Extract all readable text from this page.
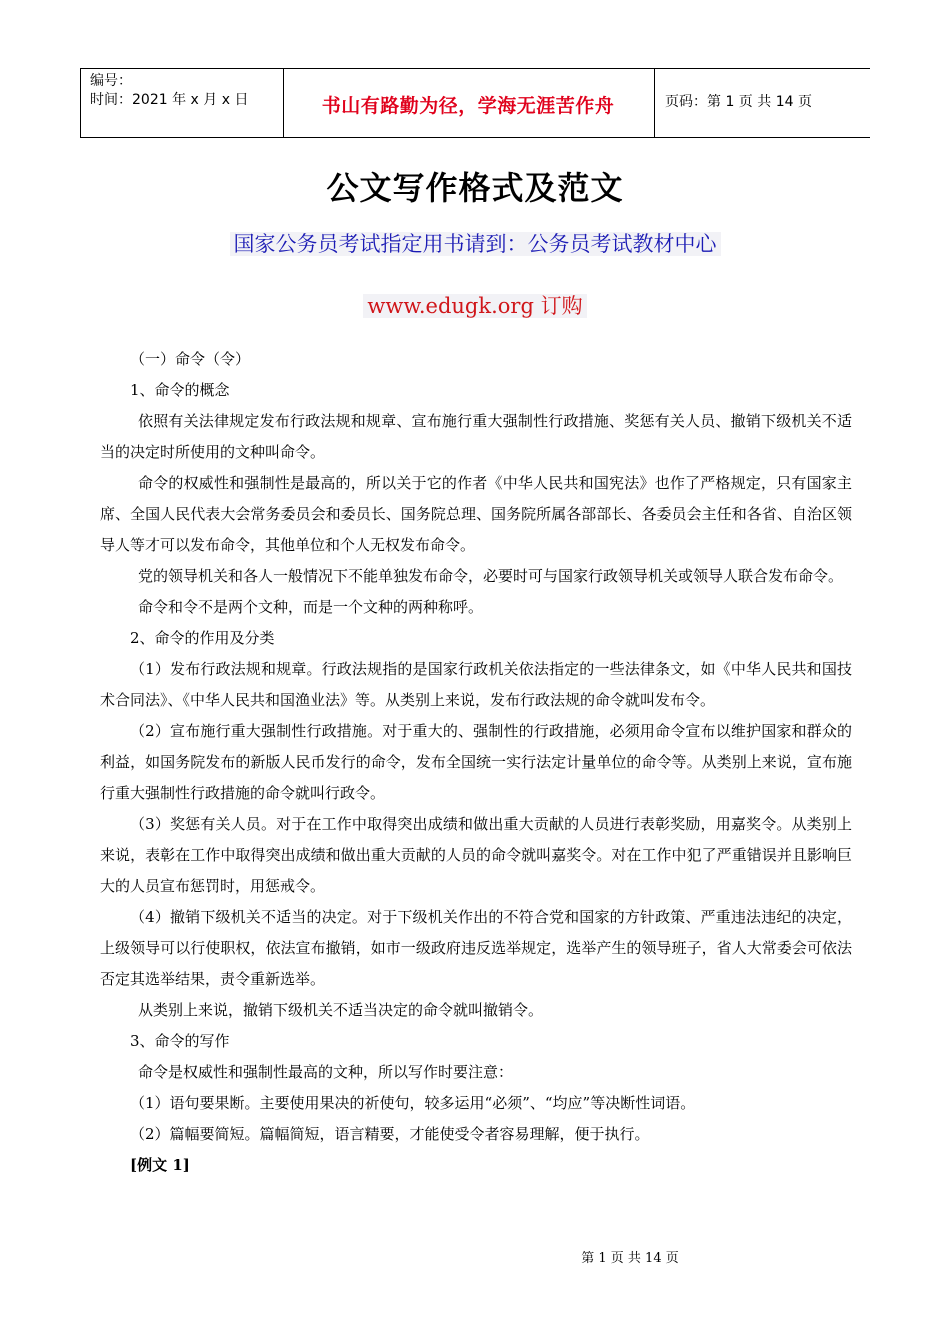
编号：
时间：2021 年 x 月 x 日	书山有路勤为径，学海无涯苦作舟	页码：第 1 页 共 14 页
公文写作格式及范文
国家公务员考试指定用书请到：公务员考试教材中心
www.edugk.org 订购

（一）命令（令）

1、命令的概念

依照有关法律规定发布行政法规和规章、宣布施行重大强制性行政措施、奖惩有关人员、撤销下级机关不适当的决定时所使用的文种叫命令。

命令的权威性和强制性是最高的，所以关于它的作者《中华人民共和国宪法》也作了严格规定，只有国家主席、全国人民代表大会常务委员会和委员长、国务院总理、国务院所属各部部长、各委员会主任和各省、自治区领导人等才可以发布命令，其他单位和个人无权发布命令。

党的领导机关和各人一般情况下不能单独发布命令，必要时可与国家行政领导机关或领导人联合发布命令。

命令和令不是两个文种，而是一个文种的两种称呼。

2、命令的作用及分类

（1）发布行政法规和规章。行政法规指的是国家行政机关依法指定的一些法律条文，如《中华人民共和国技术合同法》、《中华人民共和国渔业法》等。从类别上来说，发布行政法规的命令就叫发布令。

（2）宣布施行重大强制性行政措施。对于重大的、强制性的行政措施，必须用命令宣布以维护国家和群众的利益，如国务院发布的新版人民币发行的命令，发布全国统一实行法定计量单位的命令等。从类别上来说，宣布施行重大强制性行政措施的命令就叫行政令。

（3）奖惩有关人员。对于在工作中取得突出成绩和做出重大贡献的人员进行表彰奖励，用嘉奖令。从类别上来说，表彰在工作中取得突出成绩和做出重大贡献的人员的命令就叫嘉奖令。对在工作中犯了严重错误并且影响巨大的人员宣布惩罚时，用惩戒令。

（4）撤销下级机关不适当的决定。对于下级机关作出的不符合党和国家的方针政策、严重违法违纪的决定，上级领导可以行使职权，依法宣布撤销，如市一级政府违反选举规定，选举产生的领导班子，省人大常委会可依法否定其选举结果，责令重新选举。

从类别上来说，撤销下级机关不适当决定的命令就叫撤销令。

3、命令的写作

命令是权威性和强制性最高的文种，所以写作时要注意：

（1）语句要果断。主要使用果决的祈使句，较多运用“必须”、“均应”等决断性词语。

（2）篇幅要简短。篇幅简短，语言精要，才能使受令者容易理解，便于执行。

[例文 1]

第 1 页 共 14 页
